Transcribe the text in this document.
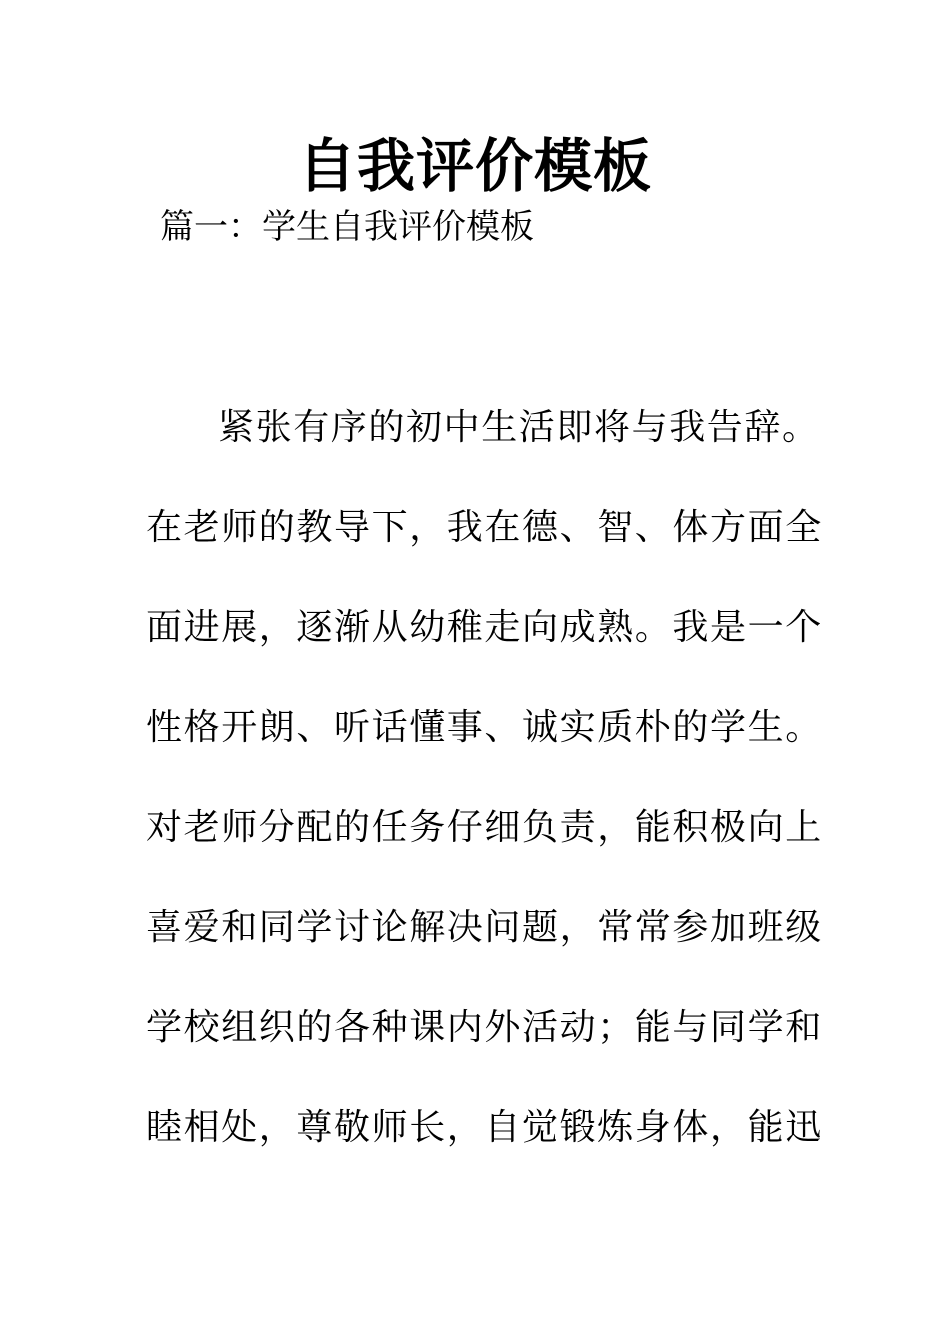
自我评价模板
篇一：学生自我评价模板
紧张有序的初中生活即将与我告辞。
在老师的教导下，我在德、智、体方面全
面进展，逐渐从幼稚走向成熟。我是一个
性格开朗、听话懂事、诚实质朴的学生。
对老师分配的任务仔细负责，能积极向上
喜爱和同学讨论解决问题，常常参加班级
学校组织的各种课内外活动；能与同学和
睦相处，尊敬师长，自觉锻炼身体，能迅
